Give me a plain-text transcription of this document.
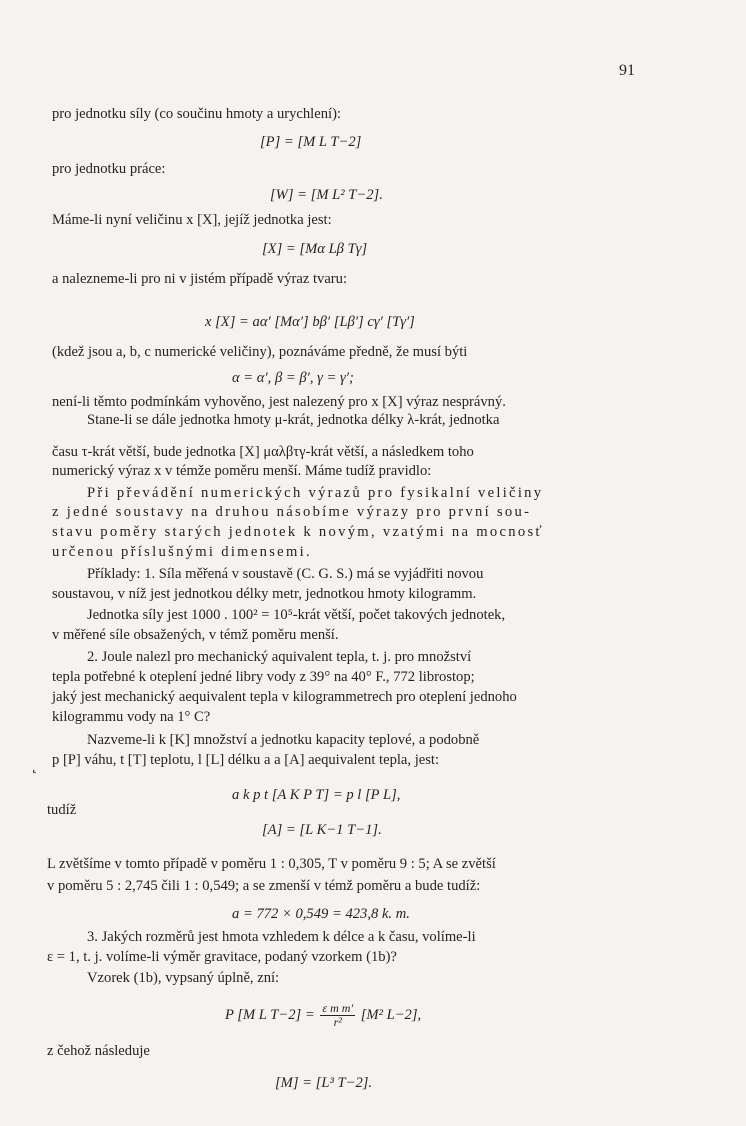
91
pro jednotku síly (co součinu hmoty a urychlení):
[P] = [M L T−2]
pro jednotku práce:
[W] = [M L² T−2].
Máme-li nyní veličinu x [X], jejíž jednotka jest:
[X] = [Mα Lβ Tγ]
a nalezneme-li pro ni v jistém případě výraz tvaru:
x [X] = aα′ [Mα′] bβ′ [Lβ′] cγ′ [Tγ′]
(kdež jsou a, b, c numerické veličiny), poznáváme předně, že musí býti
α = α′, β = β′, γ = γ′;
není-li těmto podmínkám vyhověno, jest nalezený pro x [X] výraz nesprávný.
Stane-li se dále jednotka hmoty μ-krát, jednotka délky λ-krát, jednotka
času τ-krát větší, bude jednotka [X] μαλβτγ-krát větší, a následkem toho
numerický výraz x v témže poměru menší. Máme tudíž pravidlo:
Při převádění numerických výrazů pro fysikalní veličiny
z jedné soustavy na druhou násobíme výrazy pro první sou-
stavu poměry starých jednotek k novým, vzatými na mocnosť
určenou příslušnými dimensemi.
Příklady: 1. Síla měřená v soustavě (C. G. S.) má se vyjádřiti novou
soustavou, v níž jest jednotkou délky metr, jednotkou hmoty kilogramm.
Jednotka síly jest 1000 . 100² = 10⁵-krát větší, počet takových jednotek,
v měřené síle obsažených, v témž poměru menší.
2. Joule nalezl pro mechanický aquivalent tepla, t. j. pro množství
tepla potřebné k oteplení jedné libry vody z 39° na 40° F., 772 librostop;
jaký jest mechanický aequivalent tepla v kilogrammetrech pro oteplení jednoho
kilogrammu vody na 1° C?
Nazveme-li k [K] množství a jednotku kapacity teplové, a podobně
˛ p [P] váhu, t [T] teplotu, l [L] délku a a [A] aequivalent tepla, jest:
a k p t [A K P T] = p l [P L],
tudíž
[A] = [L K−1 T−1].
L zvětšíme v tomto případě v poměru 1 : 0,305, T v poměru 9 : 5; A se zvětší
v poměru 5 : 2,745 čili 1 : 0,549; a se zmenší v témž poměru a bude tudíž:
a = 772 × 0,549 = 423,8 k. m.
3. Jakých rozměrů jest hmota vzhledem k délce a k času, volíme-li
ε = 1, t. j. volíme-li výměr gravitace, podaný vzorkem (1b)?
Vzorek (1b), vypsaný úplně, zní:
P [M L $T-2] = \frac{\text{ε m m′}}{\text{r²}} [M^2$ L−2],
z čehož následuje
[M] = [L³ T−2].
